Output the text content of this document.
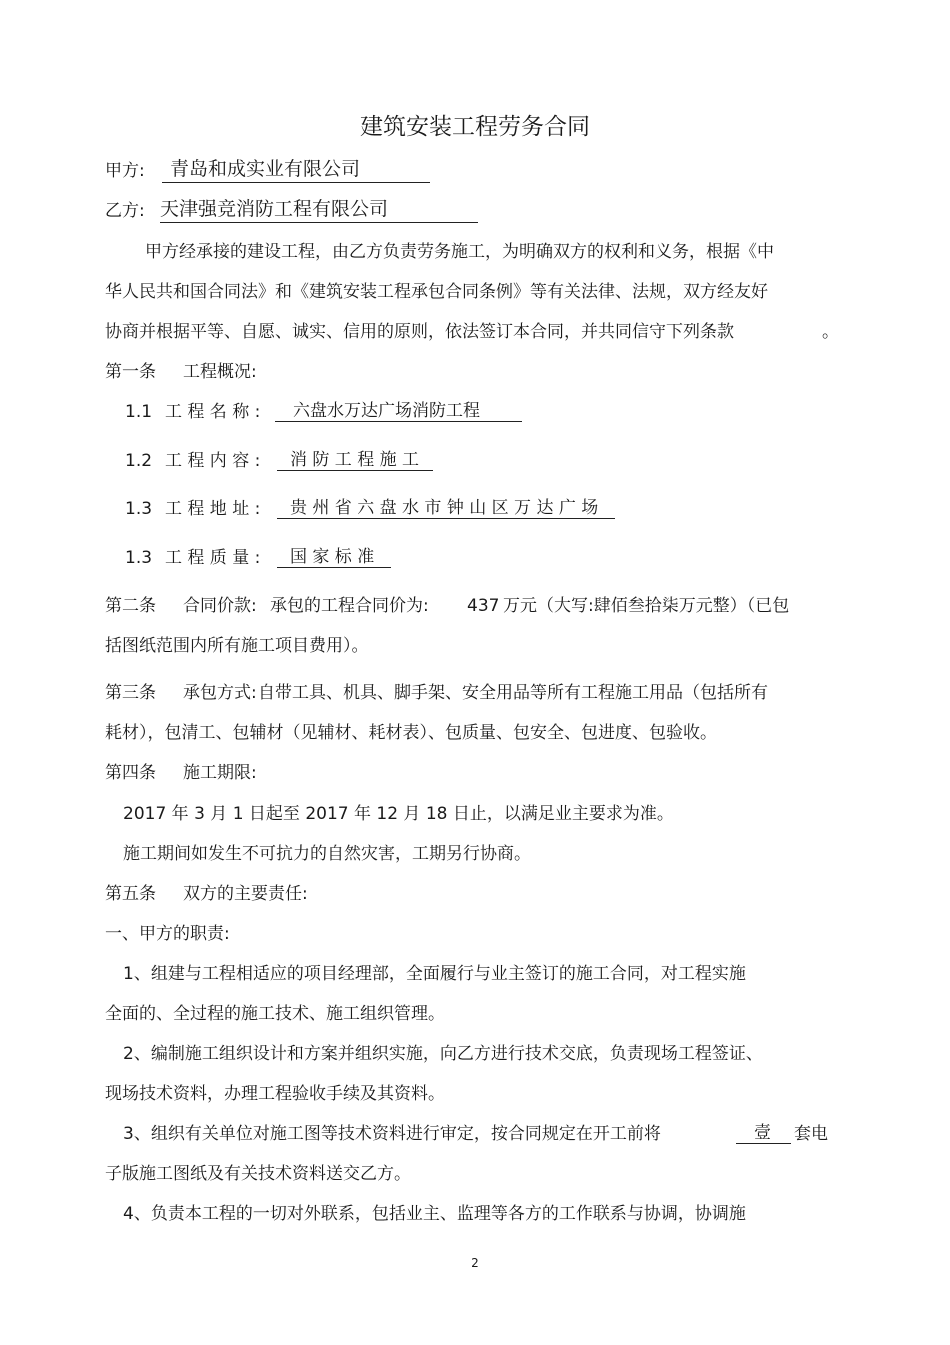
建筑安装工程劳务合同
甲方: 青岛和成实业有限公司
乙方: 天津强竞消防工程有限公司
甲方经承接的建设工程，由乙方负责劳务施工，为明确双方的权利和义务，根据《中
华人民共和国合同法》和《建筑安装工程承包合同条例》等有关法律、法规，双方经友好
协商并根据平等、自愿、诚实、信用的原则，依法签订本合同，并共同信守下列条款	。
第一条 工程概况:
1.1 工 程 名 称 : 六盘水万达广场消防工程
1.2 工 程 内 容 : 消 防 工 程 施 工
1.3 工 程 地 址 : 贵 州 省 六 盘 水 市 钟 山 区 万 达 广 场
1.3 工 程 质 量 : 国 家 标 准
第二条 合同价款: 承包的工程合同价为: 437 万元（大写:肆佰叁拾柒万元整）（已包
括图纸范围内所有施工项目费用）。
第三条 承包方式: 自带工具、机具、脚手架、安全用品等所有工程施工用品（包括所有
耗材），包清工、包辅材（见辅材、耗材表）、包质量、包安全、包进度、包验收。
第四条 施工期限:
2017 年 3 月 1 日起至 2017 年 12 月 18 日止，以满足业主要求为准。
施工期间如发生不可抗力的自然灾害，工期另行协商。
第五条 双方的主要责任:
一、甲方的职责:
1、组建与工程相适应的项目经理部，全面履行与业主签订的施工合同，对工程实施
全面的、全过程的施工技术、施工组织管理。
2、编制施工组织设计和方案并组织实施，向乙方进行技术交底，负责现场工程签证、
现场技术资料，办理工程验收手续及其资料。
3、组织有关单位对施工图等技术资料进行审定，按合同规定在开工前将	壹 套电
子版施工图纸及有关技术资料送交乙方。
4、负责本工程的一切对外联系，包括业主、监理等各方的工作联系与协调，协调施
2
